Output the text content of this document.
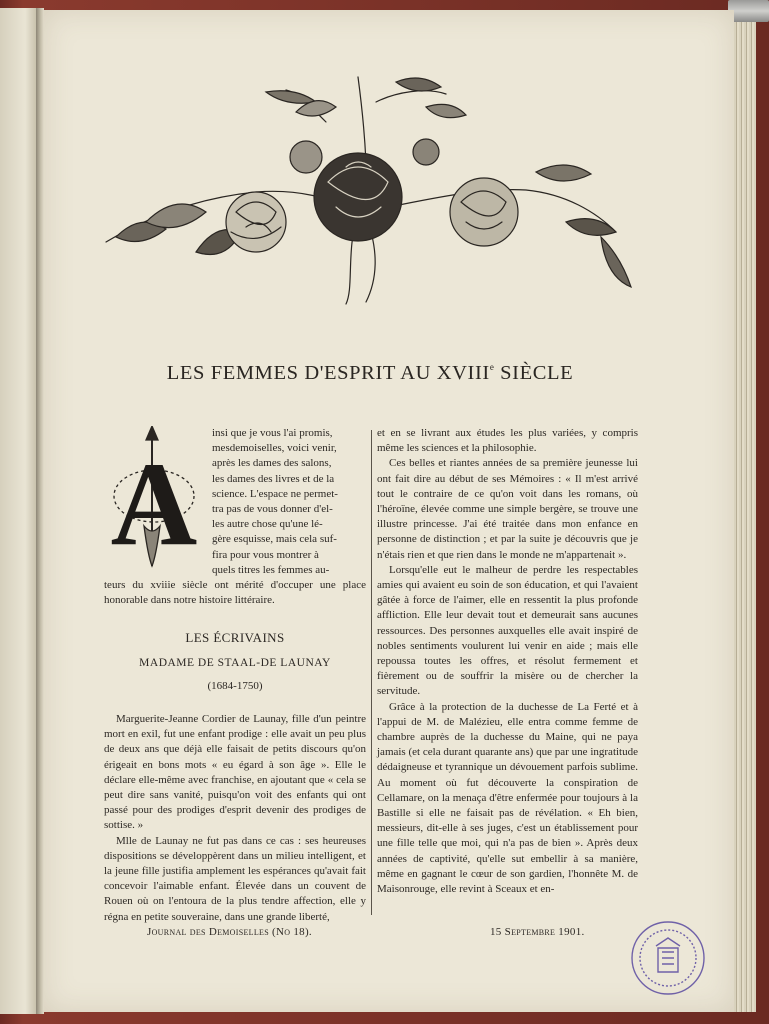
LES FEMMES D'ESPRIT AU XVIIIe SIÈCLE
A

insi que je vous l'ai promis,

mesdemoiselles, voici venir,

après les dames des salons,

les dames des livres et de la

science. L'espace ne permet-

tra pas de vous donner d'el-

les autre chose qu'une lé-

gère esquisse, mais cela suf-

fira pour vous montrer à

quels titres les femmes au-

teurs du xviiie siècle ont mérité d'occuper une place honorable dans notre histoire littéraire.

LES ÉCRIVAINS

MADAME DE STAAL-DE LAUNAY

(1684-1750)

Marguerite-Jeanne Cordier de Launay, fille d'un peintre mort en exil, fut une enfant prodige : elle avait un peu plus de deux ans que déjà elle faisait de petits discours qu'on érigeait en bons mots « eu égard à son âge ». Elle le déclare elle-même avec franchise, en ajoutant que « cela se peut dire sans vanité, puisqu'on voit des enfants qui ont passé pour des prodiges d'esprit devenir des prodiges de sottise. »

Mlle de Launay ne fut pas dans ce cas : ses heureuses dispositions se développèrent dans un milieu intelligent, et la jeune fille justifia amplement les espérances qu'avait fait concevoir l'aimable enfant. Élevée dans un couvent de Rouen où on l'entoura de la plus tendre affection, elle y régna en petite souveraine, dans une grande liberté,

et en se livrant aux études les plus variées, y compris même les sciences et la philosophie.

Ces belles et riantes années de sa première jeunesse lui ont fait dire au début de ses Mémoires : « Il m'est arrivé tout le contraire de ce qu'on voit dans les romans, où l'héroïne, élevée comme une simple bergère, se trouve une illustre princesse. J'ai été traitée dans mon enfance en personne de distinction ; et par la suite je découvris que je n'étais rien et que rien dans le monde ne m'appartenait ».

Lorsqu'elle eut le malheur de perdre les respectables amies qui avaient eu soin de son éducation, et qui l'avaient gâtée à force de l'aimer, elle en ressentit la plus profonde affliction. Elle leur devait tout et demeurait sans aucunes ressources. Des personnes auxquelles elle avait inspiré de nobles sentiments voulurent lui venir en aide ; mais elle repoussa toutes les offres, et résolut fermement et fièrement ou de souffrir la misère ou de chercher la servitude.

Grâce à la protection de la duchesse de La Ferté et à l'appui de M. de Malézieu, elle entra comme femme de chambre auprès de la duchesse du Maine, qui ne paya jamais (et cela durant quarante ans) que par une ingratitude dédaigneuse et tyrannique un dévouement parfois sublime. Au moment où fut découverte la conspiration de Cellamare, on la menaça d'être enfermée pour toujours à la Bastille si elle ne faisait pas de révélation. « Eh bien, messieurs, dit-elle à ses juges, c'est un établissement pour une fille telle que moi, qui n'a pas de bien ». Après deux années de captivité, qu'elle sut embellir à sa manière, même en gagnant le cœur de son gardien, l'honnête M. de Maisonrouge, elle revint à Sceaux et en-

Journal des Demoiselles (No 18).	15 Septembre 1901.
